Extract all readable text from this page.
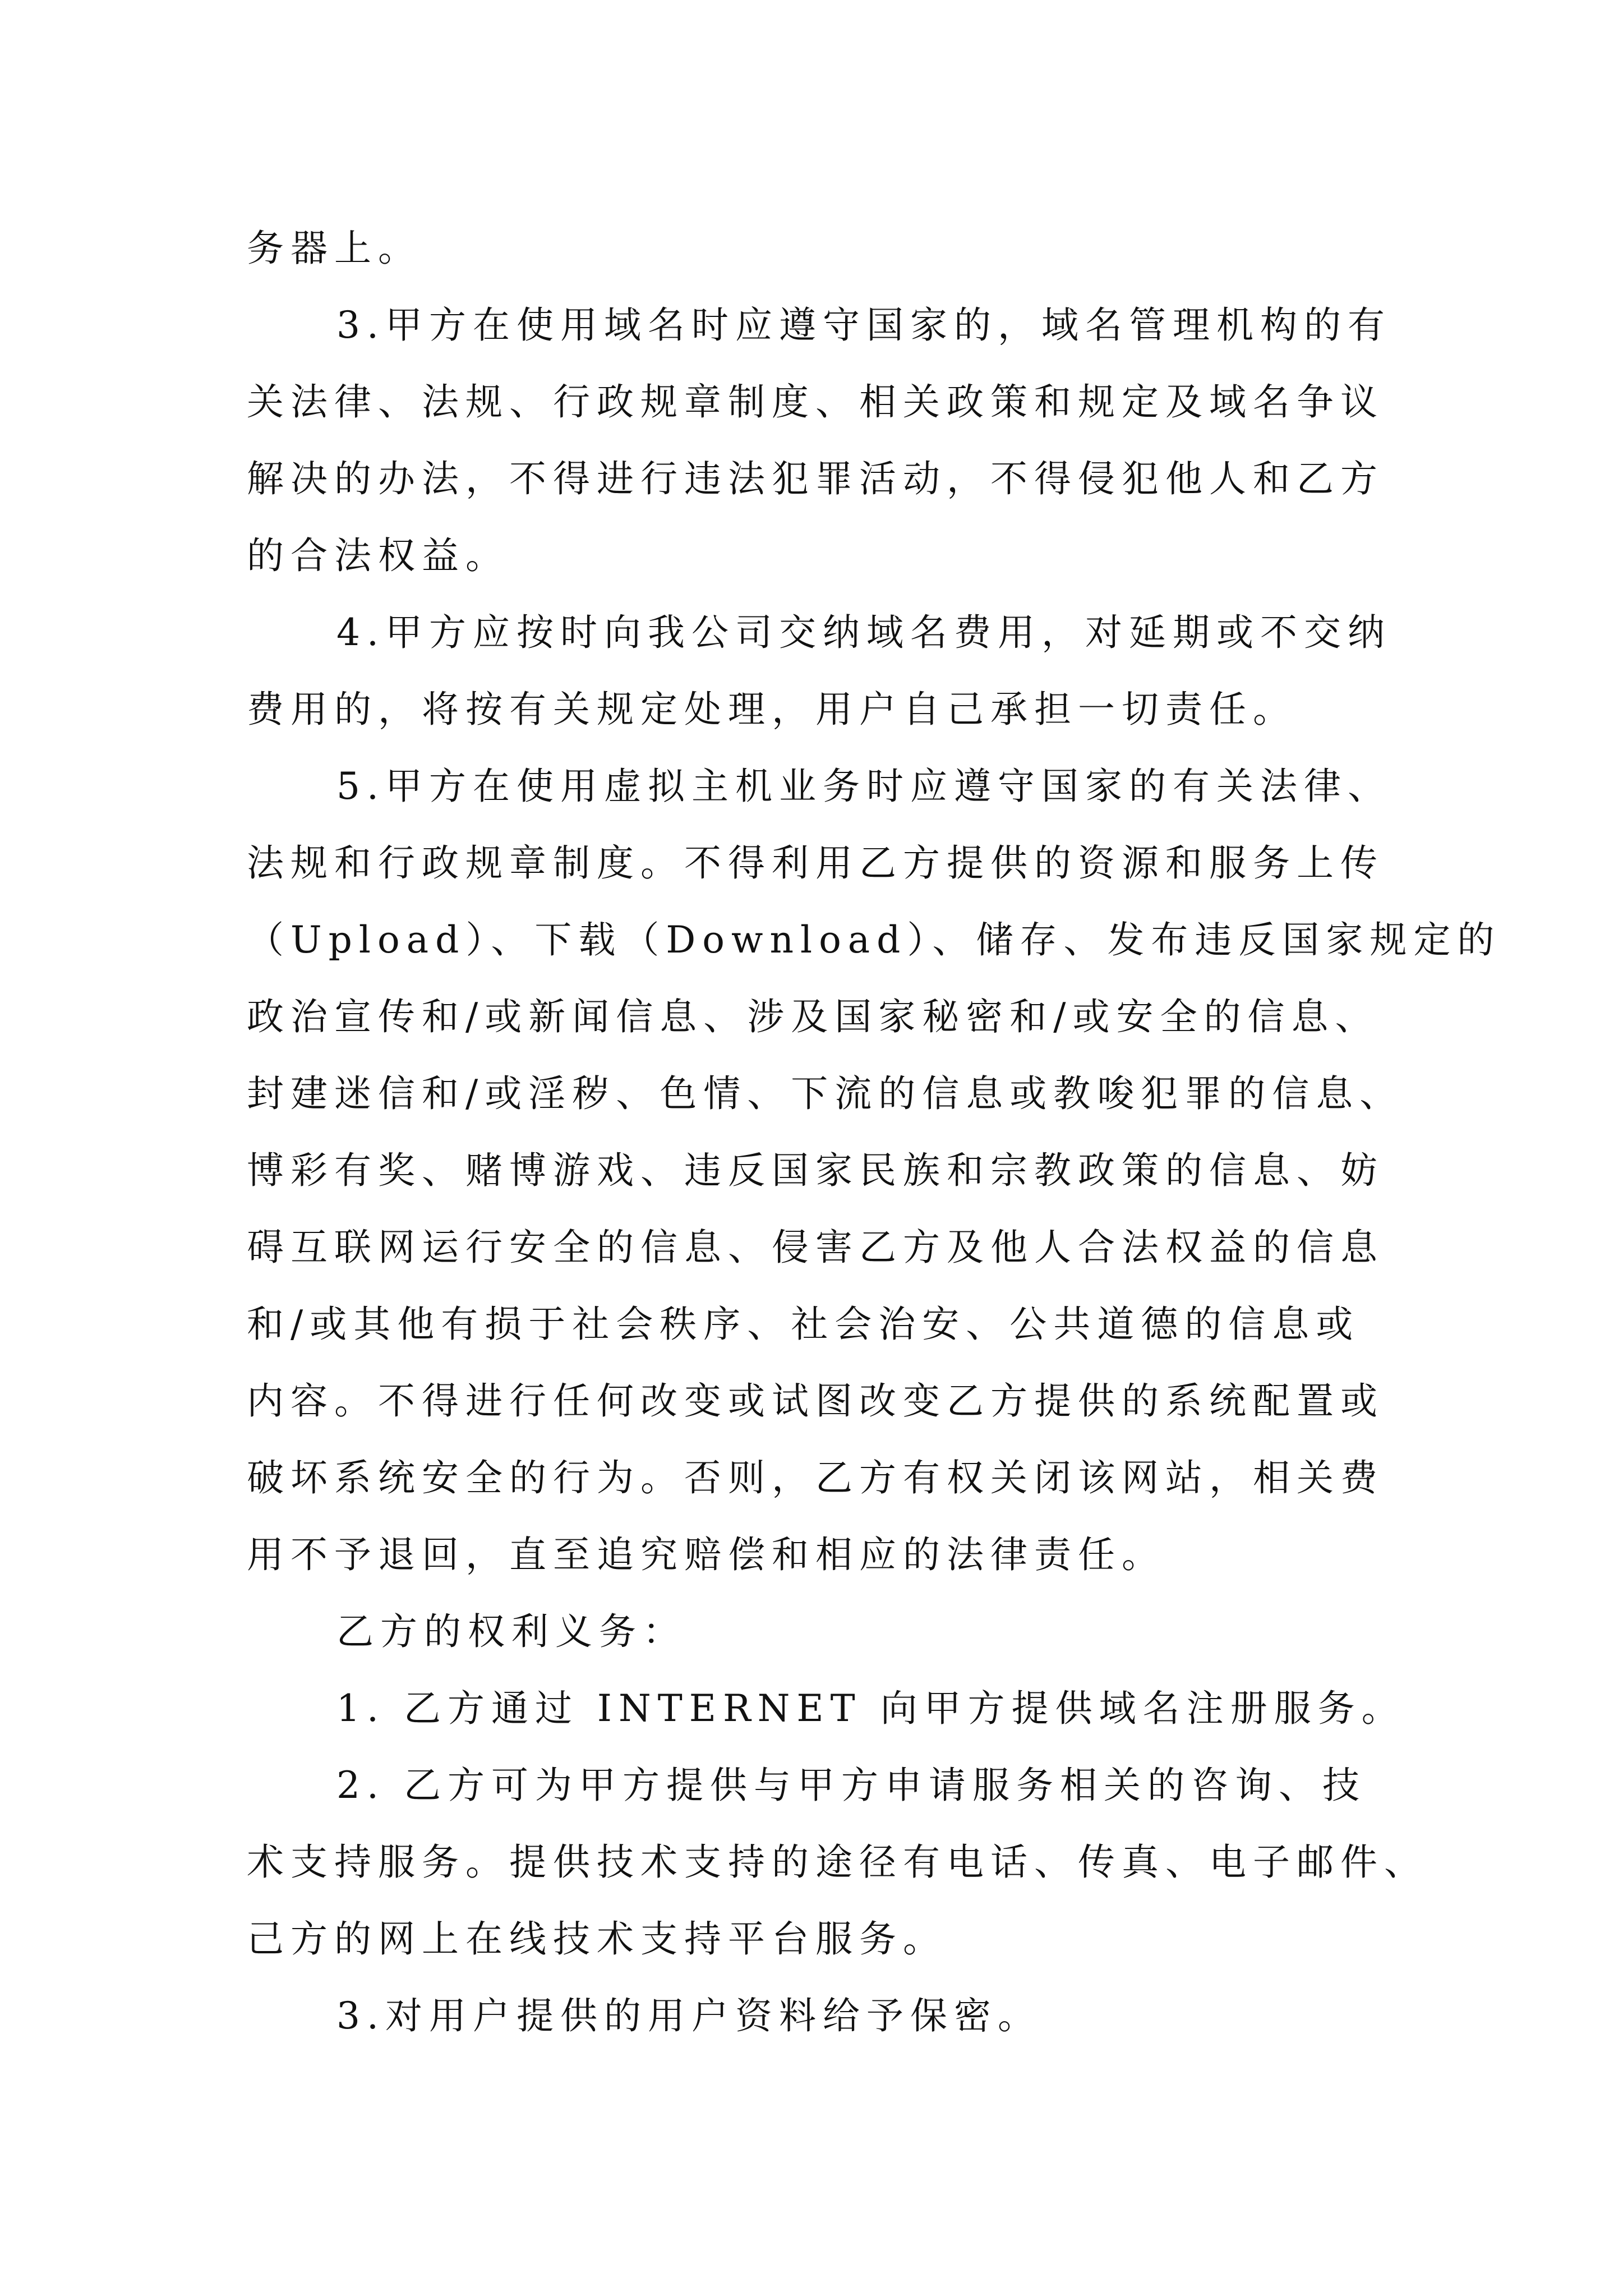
务器上。
3.甲方在使用域名时应遵守国家的，域名管理机构的有
关法律、法规、行政规章制度、相关政策和规定及域名争议
解决的办法，不得进行违法犯罪活动，不得侵犯他人和乙方
的合法权益。
4.甲方应按时向我公司交纳域名费用，对延期或不交纳
费用的，将按有关规定处理，用户自己承担一切责任。
5.甲方在使用虚拟主机业务时应遵守国家的有关法律、
法规和行政规章制度。不得利用乙方提供的资源和服务上传
（Upload）、下载（Download）、储存、发布违反国家规定的
政治宣传和/或新闻信息、涉及国家秘密和/或安全的信息、
封建迷信和/或淫秽、色情、下流的信息或教唆犯罪的信息、
博彩有奖、赌博游戏、违反国家民族和宗教政策的信息、妨
碍互联网运行安全的信息、侵害乙方及他人合法权益的信息
和/或其他有损于社会秩序、社会治安、公共道德的信息或
内容。不得进行任何改变或试图改变乙方提供的系统配置或
破坏系统安全的行为。否则，乙方有权关闭该网站，相关费
用不予退回，直至追究赔偿和相应的法律责任。
乙方的权利义务：
1. 乙方通过 INTERNET 向甲方提供域名注册服务。
2. 乙方可为甲方提供与甲方申请服务相关的咨询、技
术支持服务。提供技术支持的途径有电话、传真、电子邮件、
己方的网上在线技术支持平台服务。
3.对用户提供的用户资料给予保密。
